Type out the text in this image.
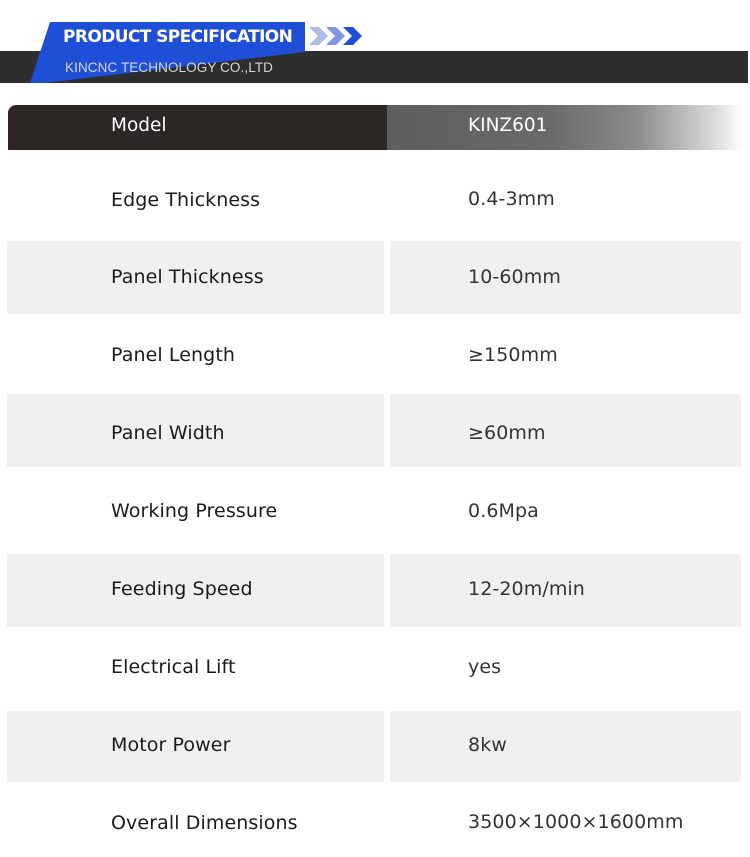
PRODUCT SPECIFICATION
KINCNC TECHNOLOGY CO.,LTD
Model	KINZ601
Edge Thickness	0.4-3mm
Panel Thickness	10-60mm
Panel Length	≥150mm
Panel Width	≥60mm
Working Pressure	0.6Mpa
Feeding Speed	12-20m/min
Electrical Lift	yes
Motor Power	8kw
Overall Dimensions	3500×1000×1600mm
